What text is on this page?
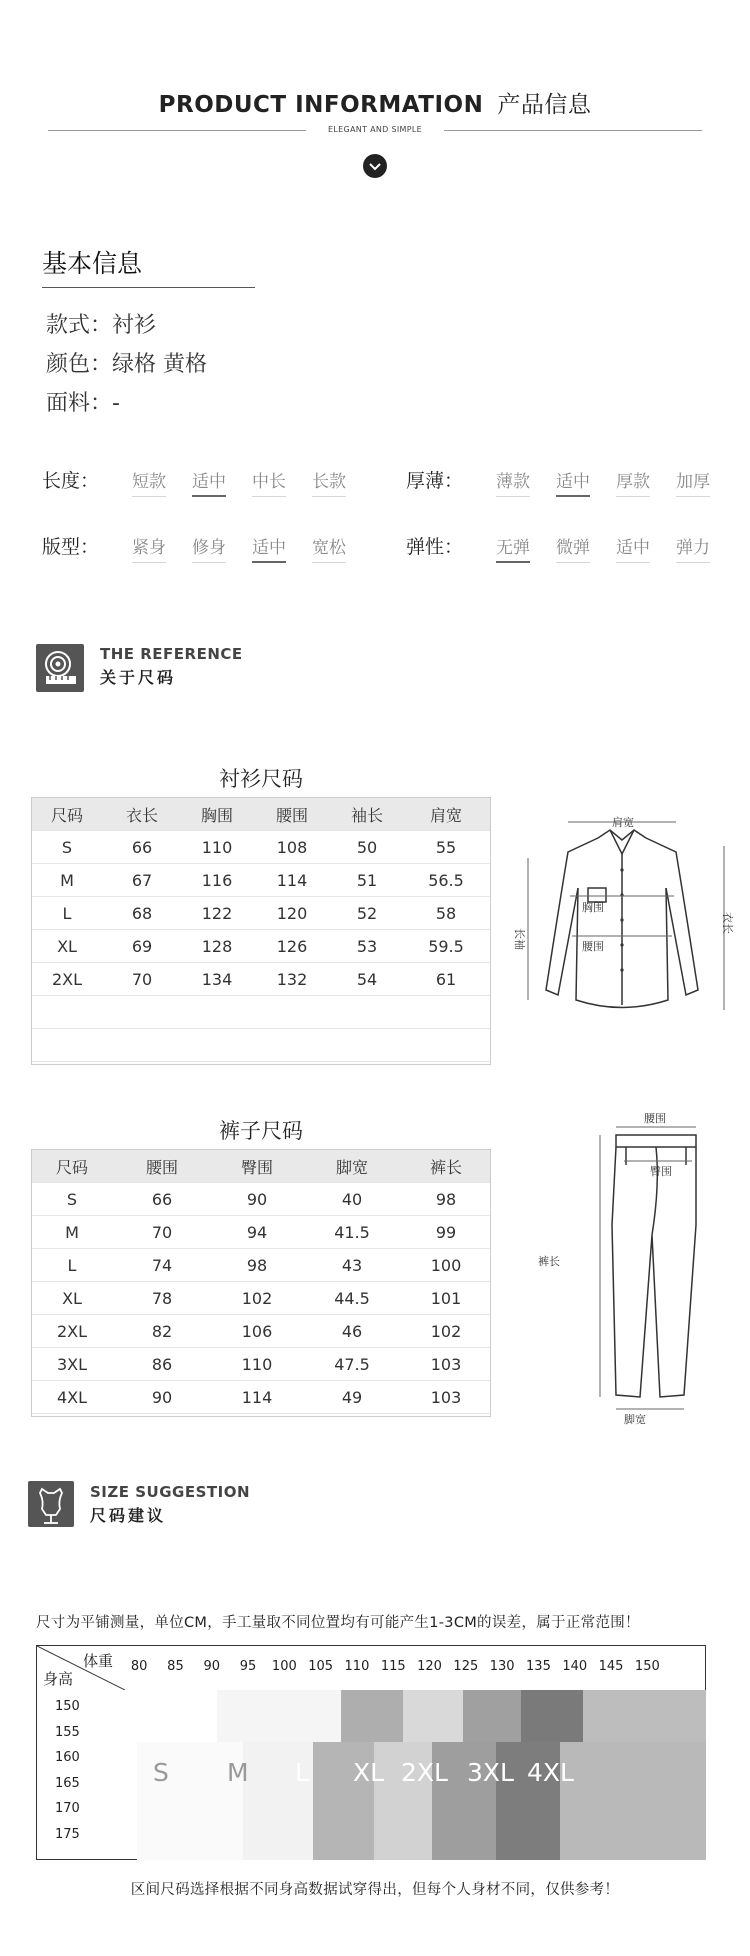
PRODUCT INFORMATION 产品信息
ELEGANT AND SIMPLE
基本信息
款式：衬衫
颜色：绿格 黄格
面料：-
长度： 短款 适中 中长 长款	厚薄： 薄款 适中 厚款 加厚
版型： 紧身 修身 适中 宽松	弹性： 无弹 微弹 适中 弹力
THE REFERENCE
关于尺码
衬衫尺码
尺码	衣长	胸围	腰围	袖长	肩宽
S	66	110	108	50	55
M	67	116	114	51	56.5
L	68	122	120	52	58
XL	69	128	126	53	59.5
2XL	70	134	132	54	61
肩宽
胸围
腰围
长袖
衣长
裤子尺码
尺码	腰围	臀围	脚宽	裤长
S	66	90	40	98
M	70	94	41.5	99
L	74	98	43	100
XL	78	102	44.5	101
2XL	82	106	46	102
3XL	86	110	47.5	103
4XL	90	114	49	103
腰围
臀围
裤长
脚宽
SIZE SUGGESTION
尺码建议
尺寸为平铺测量，单位CM，手工量取不同位置均有可能产生1-3CM的误差，属于正常范围！
体重
身高
80	85	90	95	100 105 110 115 120 125 130 135 140 145 150
150
155
160
165
170
175
S M L XL 2XL 3XL 4XL
区间尺码选择根据不同身高数据试穿得出，但每个人身材不同，仅供参考！
